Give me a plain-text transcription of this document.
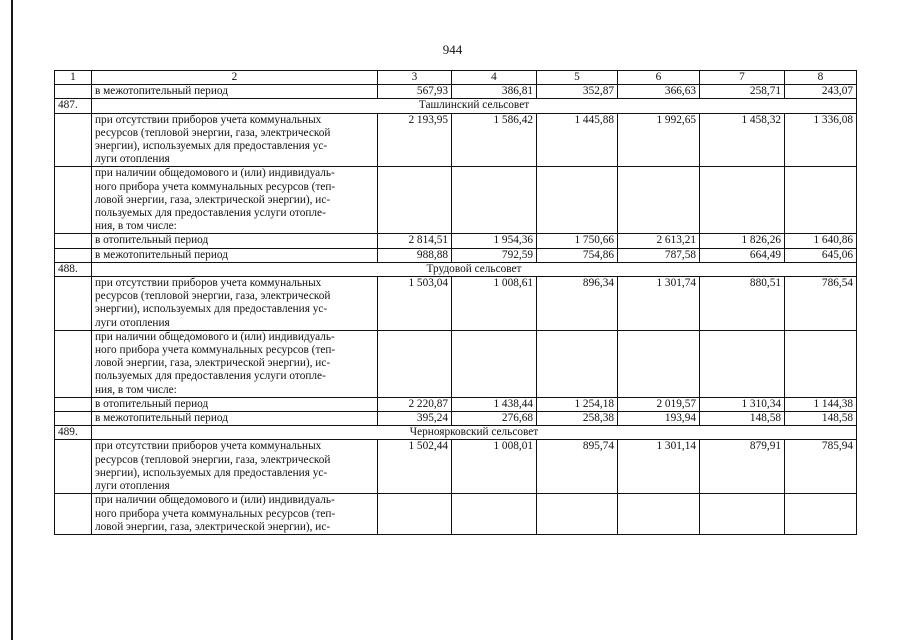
944
1	2	3	4	5	6	7	8
	в межотопительный период	567,93	386,81	352,87	366,63	258,71	243,07
487.	Ташлинский сельсовет						

	при отсутствии приборов учета коммунальных
ресурсов (тепловой энергии, газа, электрической
энергии), используемых для предоставления ус-
луги отопления	2 193,95	1 586,42	1 445,88	1 992,65	1 458,32	1 336,08

	при наличии общедомового и (или) индивидуаль-
ного прибора учета коммунальных ресурсов (теп-
ловой энергии, газа, электрической энергии), ис-
пользуемых для предоставления услуги отопле-
ния, в том числе:						

	в отопительный период	2 814,51	1 954,36	1 750,66	2 613,21	1 826,26	1 640,86
	в межотопительный период	988,88	792,59	754,86	787,58	664,49	645,06
488.	Трудовой сельсовет						

	при отсутствии приборов учета коммунальных
ресурсов (тепловой энергии, газа, электрической
энергии), используемых для предоставления ус-
луги отопления	1 503,04	1 008,61	896,34	1 301,74	880,51	786,54

	при наличии общедомового и (или) индивидуаль-
ного прибора учета коммунальных ресурсов (теп-
ловой энергии, газа, электрической энергии), ис-
пользуемых для предоставления услуги отопле-
ния, в том числе:						

	в отопительный период	2 220,87	1 438,44	1 254,18	2 019,57	1 310,34	1 144,38
	в межотопительный период	395,24	276,68	258,38	193,94	148,58	148,58
489.	Черноярковский сельсовет						

	при отсутствии приборов учета коммунальных
ресурсов (тепловой энергии, газа, электрической
энергии), используемых для предоставления ус-
луги отопления	1 502,44	1 008,01	895,74	1 301,14	879,91	785,94

	при наличии общедомового и (или) индивидуаль-
ного прибора учета коммунальных ресурсов (теп-
ловой энергии, газа, электрической энергии), ис-						
